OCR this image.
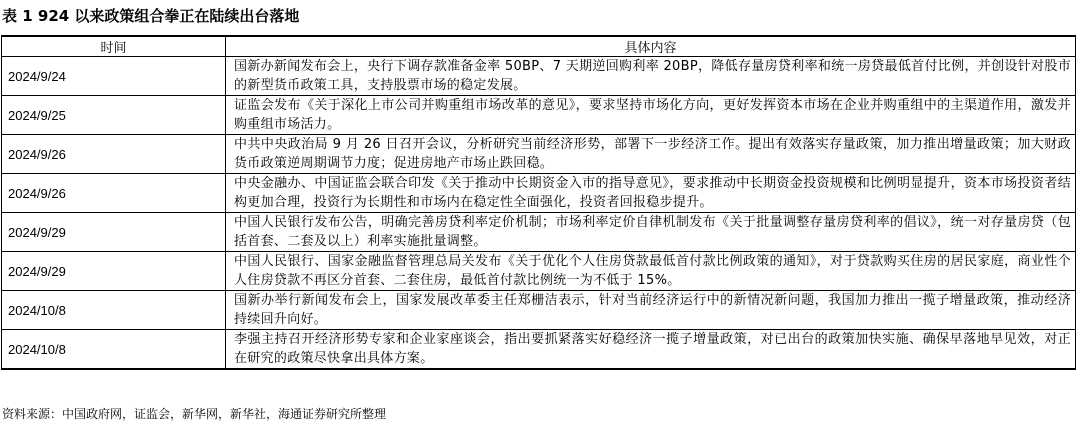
表 1 924 以来政策组合拳正在陆续出台落地
时间	具体内容
2024/9/24	国新办新闻发布会上，央行下调存款准备金率 50BP、7 天期逆回购利率 20BP，降低存量房贷利率和统一房贷最低首付比例，并创设针对股市的新型货币政策工具，支持股票市场的稳定发展。
2024/9/25	证监会发布《关于深化上市公司并购重组市场改革的意见》，要求坚持市场化方向，更好发挥资本市场在企业并购重组中的主渠道作用，激发并购重组市场活力。
2024/9/26	中共中央政治局 9 月 26 日召开会议，分析研究当前经济形势，部署下一步经济工作。提出有效落实存量政策，加力推出增量政策；加大财政货币政策逆周期调节力度；促进房地产市场止跌回稳。
2024/9/26	中央金融办、中国证监会联合印发《关于推动中长期资金入市的指导意见》，要求推动中长期资金投资规模和比例明显提升，资本市场投资者结构更加合理，投资行为长期性和市场内在稳定性全面强化，投资者回报稳步提升。
2024/9/29	中国人民银行发布公告，明确完善房贷利率定价机制；市场利率定价自律机制发布《关于批量调整存量房贷利率的倡议》，统一对存量房贷（包括首套、二套及以上）利率实施批量调整。
2024/9/29	中国人民银行、国家金融监督管理总局关发布《关于优化个人住房贷款最低首付款比例政策的通知》，对于贷款购买住房的居民家庭，商业性个人住房贷款不再区分首套、二套住房，最低首付款比例统一为不低于 15%。
2024/10/8	国新办举行新闻发布会上，国家发展改革委主任郑栅洁表示，针对当前经济运行中的新情况新问题，我国加力推出一揽子增量政策，推动经济持续回升向好。
2024/10/8	李强主持召开经济形势专家和企业家座谈会，指出要抓紧落实好稳经济一揽子增量政策，对已出台的政策加快实施、确保早落地早见效，对正在研究的政策尽快拿出具体方案。
资料来源：中国政府网，证监会，新华网，新华社，海通证券研究所整理
